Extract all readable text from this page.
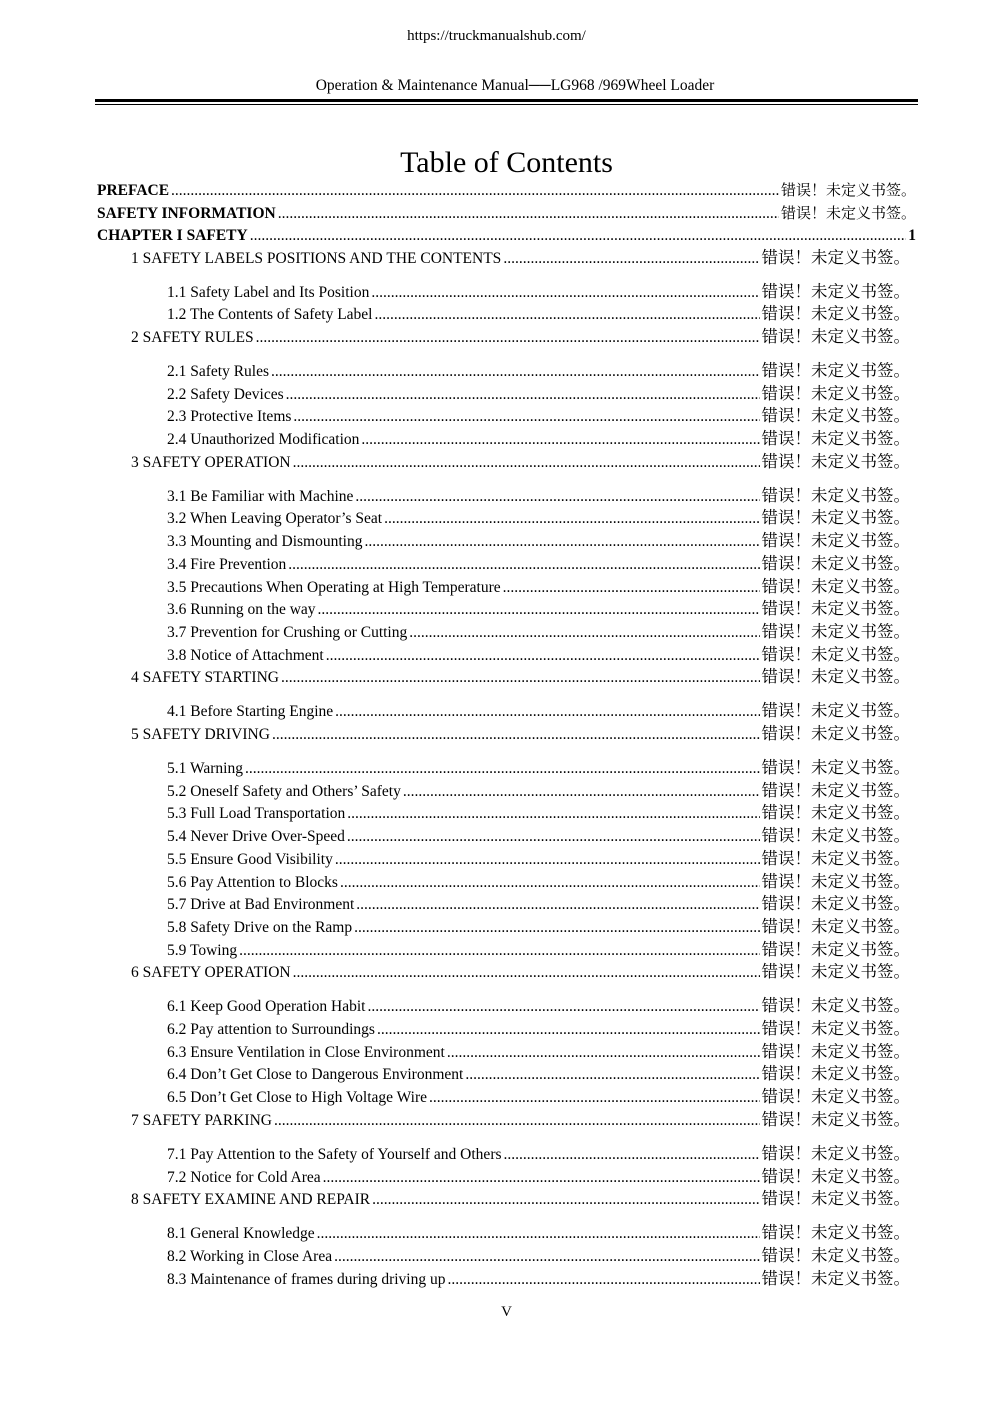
https://truckmanualshub.com/
Operation & Maintenance Manual──LG968 /969Wheel Loader
Table of Contents
PREFACE .....	错误！未定义书签。
SAFETY INFORMATION .....	错误！未定义书签。
CHAPTER I SAFETY .....	1
1 SAFETY LABELS POSITIONS AND THE CONTENTS .....	错误！未定义书签。
1.1 Safety Label and Its Position .....	错误！未定义书签。
1.2 The Contents of Safety Label .....	错误！未定义书签。
2 SAFETY RULES .....	错误！未定义书签。
2.1 Safety Rules .....	错误！未定义书签。
2.2 Safety Devices .....	错误！未定义书签。
2.3 Protective Items .....	错误！未定义书签。
2.4 Unauthorized Modification .....	错误！未定义书签。
3 SAFETY OPERATION .....	错误！未定义书签。
3.1 Be Familiar with Machine .....	错误！未定义书签。
3.2 When Leaving Operator’s Seat .....	错误！未定义书签。
3.3 Mounting and Dismounting .....	错误！未定义书签。
3.4 Fire Prevention .....	错误！未定义书签。
3.5 Precautions When Operating at High Temperature .....	错误！未定义书签。
3.6 Running on the way .....	错误！未定义书签。
3.7 Prevention for Crushing or Cutting .....	错误！未定义书签。
3.8 Notice of Attachment .....	错误！未定义书签。
4 SAFETY STARTING .....	错误！未定义书签。
4.1 Before Starting Engine .....	错误！未定义书签。
5 SAFETY DRIVING .....	错误！未定义书签。
5.1 Warning .....	错误！未定义书签。
5.2 Oneself Safety and Others’ Safety .....	错误！未定义书签。
5.3 Full Load Transportation .....	错误！未定义书签。
5.4 Never Drive Over-Speed .....	错误！未定义书签。
5.5 Ensure Good Visibility .....	错误！未定义书签。
5.6 Pay Attention to Blocks .....	错误！未定义书签。
5.7 Drive at Bad Environment .....	错误！未定义书签。
5.8 Safety Drive on the Ramp .....	错误！未定义书签。
5.9 Towing .....	错误！未定义书签。
6 SAFETY OPERATION .....	错误！未定义书签。
6.1 Keep Good Operation Habit .....	错误！未定义书签。
6.2 Pay attention to Surroundings .....	错误！未定义书签。
6.3 Ensure Ventilation in Close Environment .....	错误！未定义书签。
6.4 Don’t Get Close to Dangerous Environment .....	错误！未定义书签。
6.5 Don’t Get Close to High Voltage Wire .....	错误！未定义书签。
7 SAFETY PARKING .....	错误！未定义书签。
7.1 Pay Attention to the Safety of Yourself and Others .....	错误！未定义书签。
7.2 Notice for Cold Area .....	错误！未定义书签。
8 SAFETY EXAMINE AND REPAIR .....	错误！未定义书签。
8.1 General Knowledge .....	错误！未定义书签。
8.2 Working in Close Area .....	错误！未定义书签。
8.3 Maintenance of frames during driving up .....	错误！未定义书签。
V
